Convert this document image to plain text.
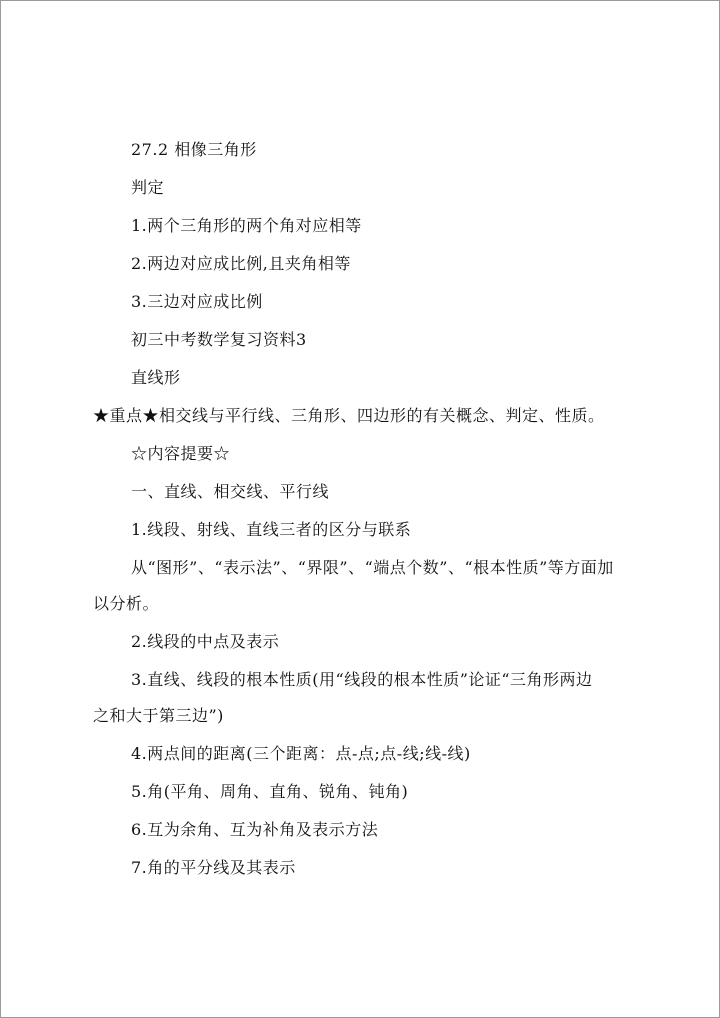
27.2 相像三角形
判定
1.两个三角形的两个角对应相等
2.两边对应成比例,且夹角相等
3.三边对应成比例
初三中考数学复习资料3
直线形
★重点★相交线与平行线、三角形、四边形的有关概念、判定、性质。
☆内容提要☆
一、直线、相交线、平行线
1.线段、射线、直线三者的区分与联系
从“图形”、“表示法”、“界限”、“端点个数”、“根本性质”等方面加
以分析。
2.线段的中点及表示
3.直线、线段的根本性质(用“线段的根本性质”论证“三角形两边
之和大于第三边”)
4.两点间的距离(三个距离：点-点;点-线;线-线)
5.角(平角、周角、直角、锐角、钝角)
6.互为余角、互为补角及表示方法
7.角的平分线及其表示
